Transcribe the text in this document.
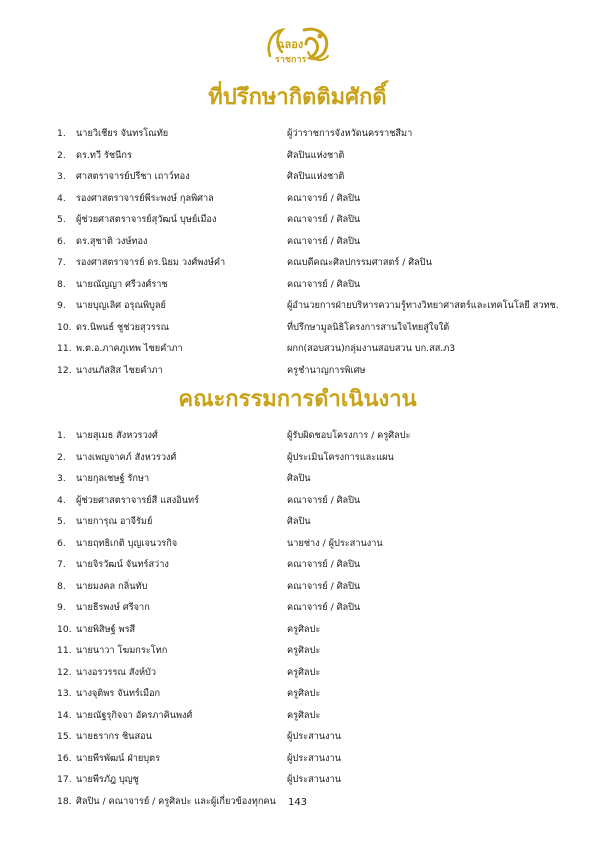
ฉลอง
ราชการ
ที่ปรึกษากิตติมศักดิ์
1.	นายวิเชียร จันทรโณทัย	ผู้ว่าราชการจังหวัดนครราชสีมา
2.	ดร.ทวี รัชนีกร	ศิลปินแห่งชาติ
3.	ศาสตราจารย์ปรีชา เถาว์ทอง	ศิลปินแห่งชาติ
4.	รองศาสตราจารย์พีระพงษ์ กุลพิศาล	คณาจารย์ / ศิลปิน
5.	ผู้ช่วยศาสตราจารย์สุวัฒน์ บุษย์เมือง	คณาจารย์ / ศิลปิน
6.	ดร.สุชาติ วงษ์ทอง	คณาจารย์ / ศิลปิน
7.	รองศาสตราจารย์ ดร.นิยม วงศ์พงษ์คำ	คณบดีคณะศิลปกรรมศาสตร์ / ศิลปิน
8.	นายณัญญา ศรีวงศ์ราช	คณาจารย์ / ศิลปิน
9.	นายบุญเลิศ อรุณพิบูลย์	ผู้อำนวยการฝ่ายบริหารความรู้ทางวิทยาศาสตร์และเทคโนโลยี สวทช.
10. ดร.นิพนธ์ ชูช่วยสุวรรณ	ที่ปรึกษามูลนิธิโครงการสานใจไทยสู่ใจใต้
11. พ.ต.อ.ภาคภูเทพ ไชยคำภา	ผกก(สอบสวน)กลุ่มงานสอบสวน บก.สส.ภ3
12. นางนภัสสิส ไชยคำภา	ครูชำนาญการพิเศษ
คณะกรรมการดำเนินงาน
1.	นายสุเมธ สังหวรวงศ์	ผู้รับผิดชอบโครงการ / ครูศิลปะ
2.	นางเพญจาคภ์ สังหวรวงศ์	ผู้ประเมินโครงการและแผน
3.	นายกุลเชษฐ์ รักษา	ศิลปิน
4.	ผู้ช่วยศาสตราจารย์สี แสงอินทร์	คณาจารย์ / ศิลปิน
5.	นายการุณ อาจีรัมย์	ศิลปิน
6.	นายฤทธิเกติ บุญเจนวรกิจ	นายช่าง / ผู้ประสานงาน
7.	นายจิรวัฒน์ จันทร์สว่าง	คณาจารย์ / ศิลปิน
8.	นายมงคล กลิ่นทับ	คณาจารย์ / ศิลปิน
9.	นายธีรพงษ์ ศรีจาก	คณาจารย์ / ศิลปิน
10. นายพิสิษฐ์ พรสี	ครูศิลปะ
11. นายนาวา โฆมกระโทก	ครูศิลปะ
12. นางอรวรรณ สังห์บัว	ครูศิลปะ
13. นางจุติพร จันทร์เมือก	ครูศิลปะ
14. นายณัฐรุกิจจา อัครภาคินพงศ์	ครูศิลปะ
15. นายธรากร ชินสอน	ผู้ประสานงาน
16. นายพีรพัฒน์ ฝ่ายบุตร	ผู้ประสานงาน
17. นายพีรภัฎ บุญชู	ผู้ประสานงาน
18. ศิลปิน / คณาจารย์ / ครูศิลปะ และผู้เกี่ยวข้องทุกคน	143
